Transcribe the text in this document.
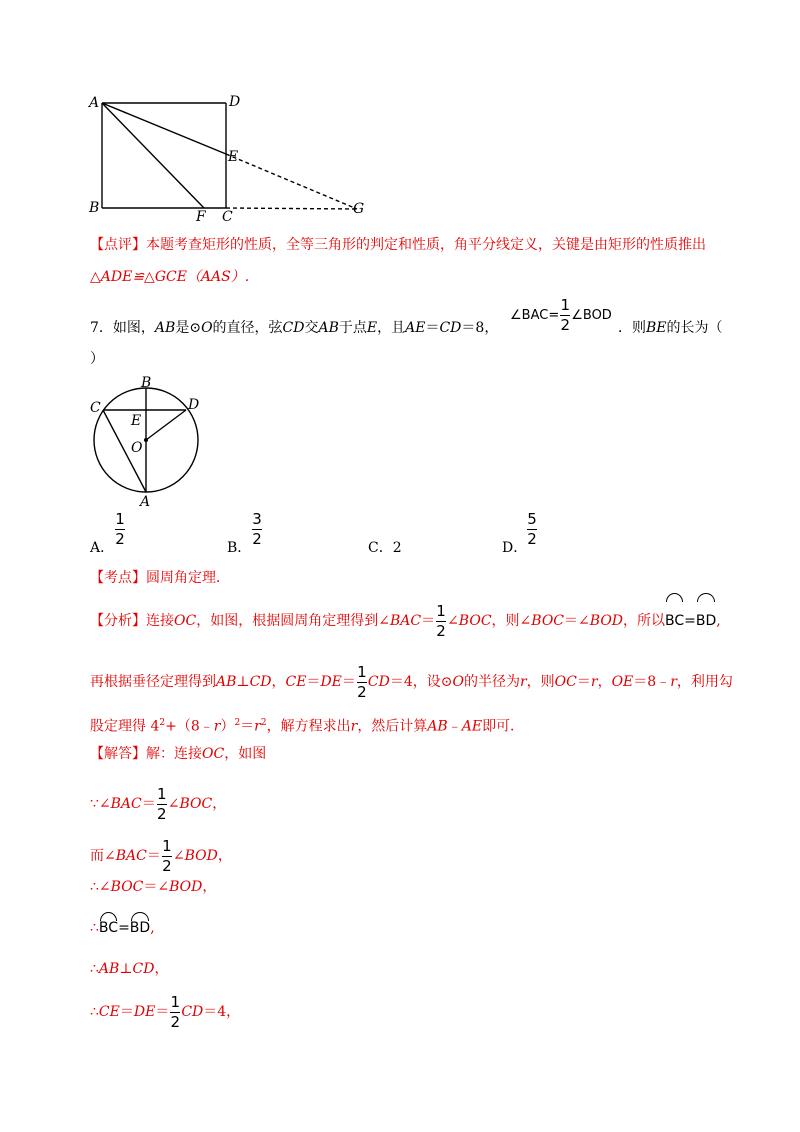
A	D
E
B
F C	G
【点评】本题考查矩形的性质，全等三角形的判定和性质，角平分线定义，关键是由矩形的性质推出
△ADE≌△GCE（AAS）.
7．如图，AB是⊙O的直径，弦CD交AB于点E，且AE＝CD＝8，
∠BAC= $\frac{1}{2}$ ∠BOD
．则BE的长为（
）
B
C	D
E
O
A
A．
1
2	B．
3
2	C．2	D．
5
2
【考点】圆周角定理．
【分析】连接OC，如图，根据圆周角定理得到∠BAC＝ $\frac{1}{2}$ ∠BOC，则∠BOC＝∠BOD，所以BC=BD,
再根据垂径定理得到AB⊥CD，$CE=DE= \frac{1}{2} CD=4$，设⊙O的半径为r，则OC＝r，OE＝8﹣r，利用勾
股定理得 $4^2+(8﹣r)^2=r^2$，解方程求出r，然后计算AB﹣AE即可．
【解答】解：连接OC，如图
∵∠BAC＝ $\frac{1}{2}$ ∠BOC，
而∠BAC＝ $\frac{1}{2}$ ∠BOD，
∴∠BOC＝∠BOD，
∴BC=BD,
∴AB⊥CD，
∴CE＝DE＝ $\frac{1}{2} CD=4$，
